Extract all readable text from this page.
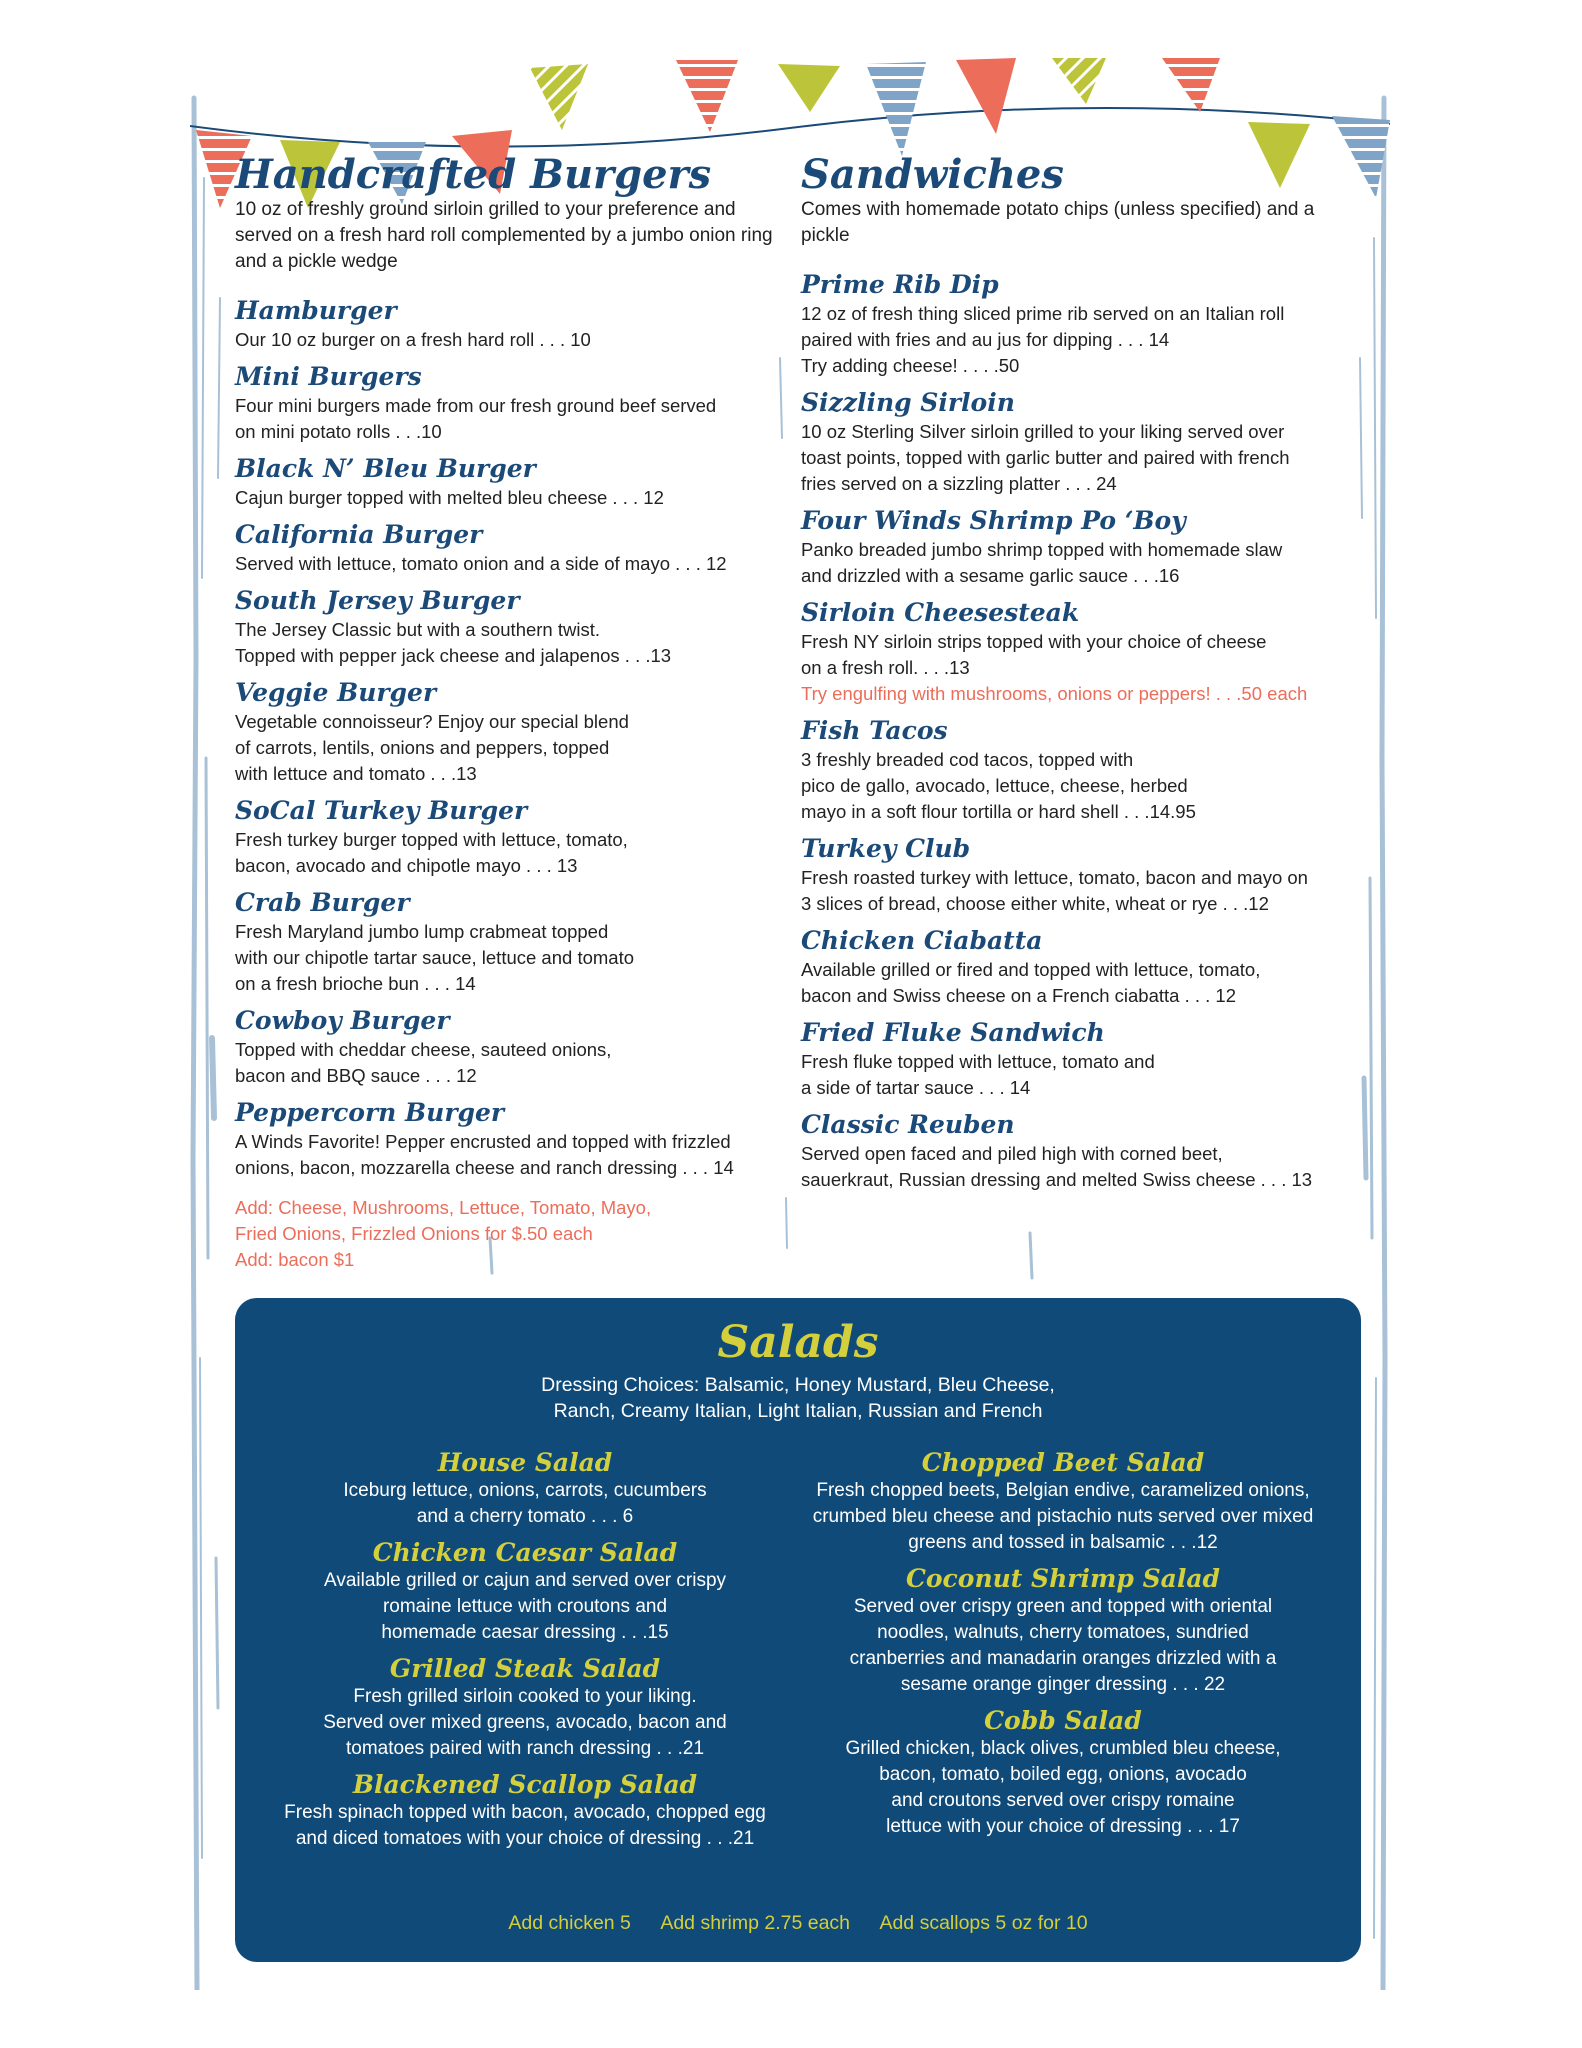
Handcrafted Burgers

10 oz of freshly ground sirloin grilled to your preference and served on a fresh hard roll complemented by a jumbo onion ring and a pickle wedge

Hamburger

Our 10 oz burger on a fresh hard roll . . . 10

Mini Burgers

Four mini burgers made from our fresh ground beef served
on mini potato rolls . . .10

Black N’ Bleu Burger

Cajun burger topped with melted bleu cheese . . . 12

California Burger

Served with lettuce, tomato onion and a side of mayo . . . 12

South Jersey Burger

The Jersey Classic but with a southern twist.
Topped with pepper jack cheese and jalapenos . . .13

Veggie Burger

Vegetable connoisseur? Enjoy our special blend
of carrots, lentils, onions and peppers, topped
with lettuce and tomato . . .13

SoCal Turkey Burger

Fresh turkey burger topped with lettuce, tomato,
bacon, avocado and chipotle mayo . . . 13

Crab Burger

Fresh Maryland jumbo lump crabmeat topped
with our chipotle tartar sauce, lettuce and tomato
on a fresh brioche bun . . . 14

Cowboy Burger

Topped with cheddar cheese, sauteed onions,
bacon and BBQ sauce . . . 12

Peppercorn Burger

A Winds Favorite! Pepper encrusted and topped with frizzled
onions, bacon, mozzarella cheese and ranch dressing . . . 14

Add: Cheese, Mushrooms, Lettuce, Tomato, Mayo,
Fried Onions, Frizzled Onions for $.50 each
Add: bacon $1

Sandwiches

Comes with homemade potato chips (unless specified) and a pickle

Prime Rib Dip

12 oz of fresh thing sliced prime rib served on an Italian roll
paired with fries and au jus for dipping . . . 14
Try adding cheese! . . . .50

Sizzling Sirloin

10 oz Sterling Silver sirloin grilled to your liking served over
toast points, topped with garlic butter and paired with french
fries served on a sizzling platter . . . 24

Four Winds Shrimp Po ‘Boy

Panko breaded jumbo shrimp topped with homemade slaw
and drizzled with a sesame garlic sauce . . .16

Sirloin Cheesesteak

Fresh NY sirloin strips topped with your choice of cheese
on a fresh roll. . . .13

Try engulfing with mushrooms, onions or peppers! . . .50 each

Fish Tacos

3 freshly breaded cod tacos, topped with
pico de gallo, avocado, lettuce, cheese, herbed
mayo in a soft flour tortilla or hard shell . . .14.95

Turkey Club

Fresh roasted turkey with lettuce, tomato, bacon and mayo on
3 slices of bread, choose either white, wheat or rye . . .12

Chicken Ciabatta

Available grilled or fired and topped with lettuce, tomato,
bacon and Swiss cheese on a French ciabatta . . . 12

Fried Fluke Sandwich

Fresh fluke topped with lettuce, tomato and
a side of tartar sauce . . . 14

Classic Reuben

Served open faced and piled high with corned beet,
sauerkraut, Russian dressing and melted Swiss cheese . . . 13

Salads

Dressing Choices: Balsamic, Honey Mustard, Bleu Cheese,
Ranch, Creamy Italian, Light Italian, Russian and French

House Salad

Iceburg lettuce, onions, carrots, cucumbers
and a cherry tomato . . . 6

Chicken Caesar Salad

Available grilled or cajun and served over crispy
romaine lettuce with croutons and
homemade caesar dressing . . .15

Grilled Steak Salad

Fresh grilled sirloin cooked to your liking.
Served over mixed greens, avocado, bacon and
tomatoes paired with ranch dressing . . .21

Blackened Scallop Salad

Fresh spinach topped with bacon, avocado, chopped egg
and diced tomatoes with your choice of dressing . . .21

Chopped Beet Salad

Fresh chopped beets, Belgian endive, caramelized onions,
crumbed bleu cheese and pistachio nuts served over mixed
greens and tossed in balsamic . . .12

Coconut Shrimp Salad

Served over crispy green and topped with oriental
noodles, walnuts, cherry tomatoes, sundried
cranberries and manadarin oranges drizzled with a
sesame orange ginger dressing . . . 22

Cobb Salad

Grilled chicken, black olives, crumbled bleu cheese,
bacon, tomato, boiled egg, onions, avocado
and croutons served over crispy romaine
lettuce with your choice of dressing . . . 17

Add chicken 5 Add shrimp 2.75 each Add scallops 5 oz for 10
